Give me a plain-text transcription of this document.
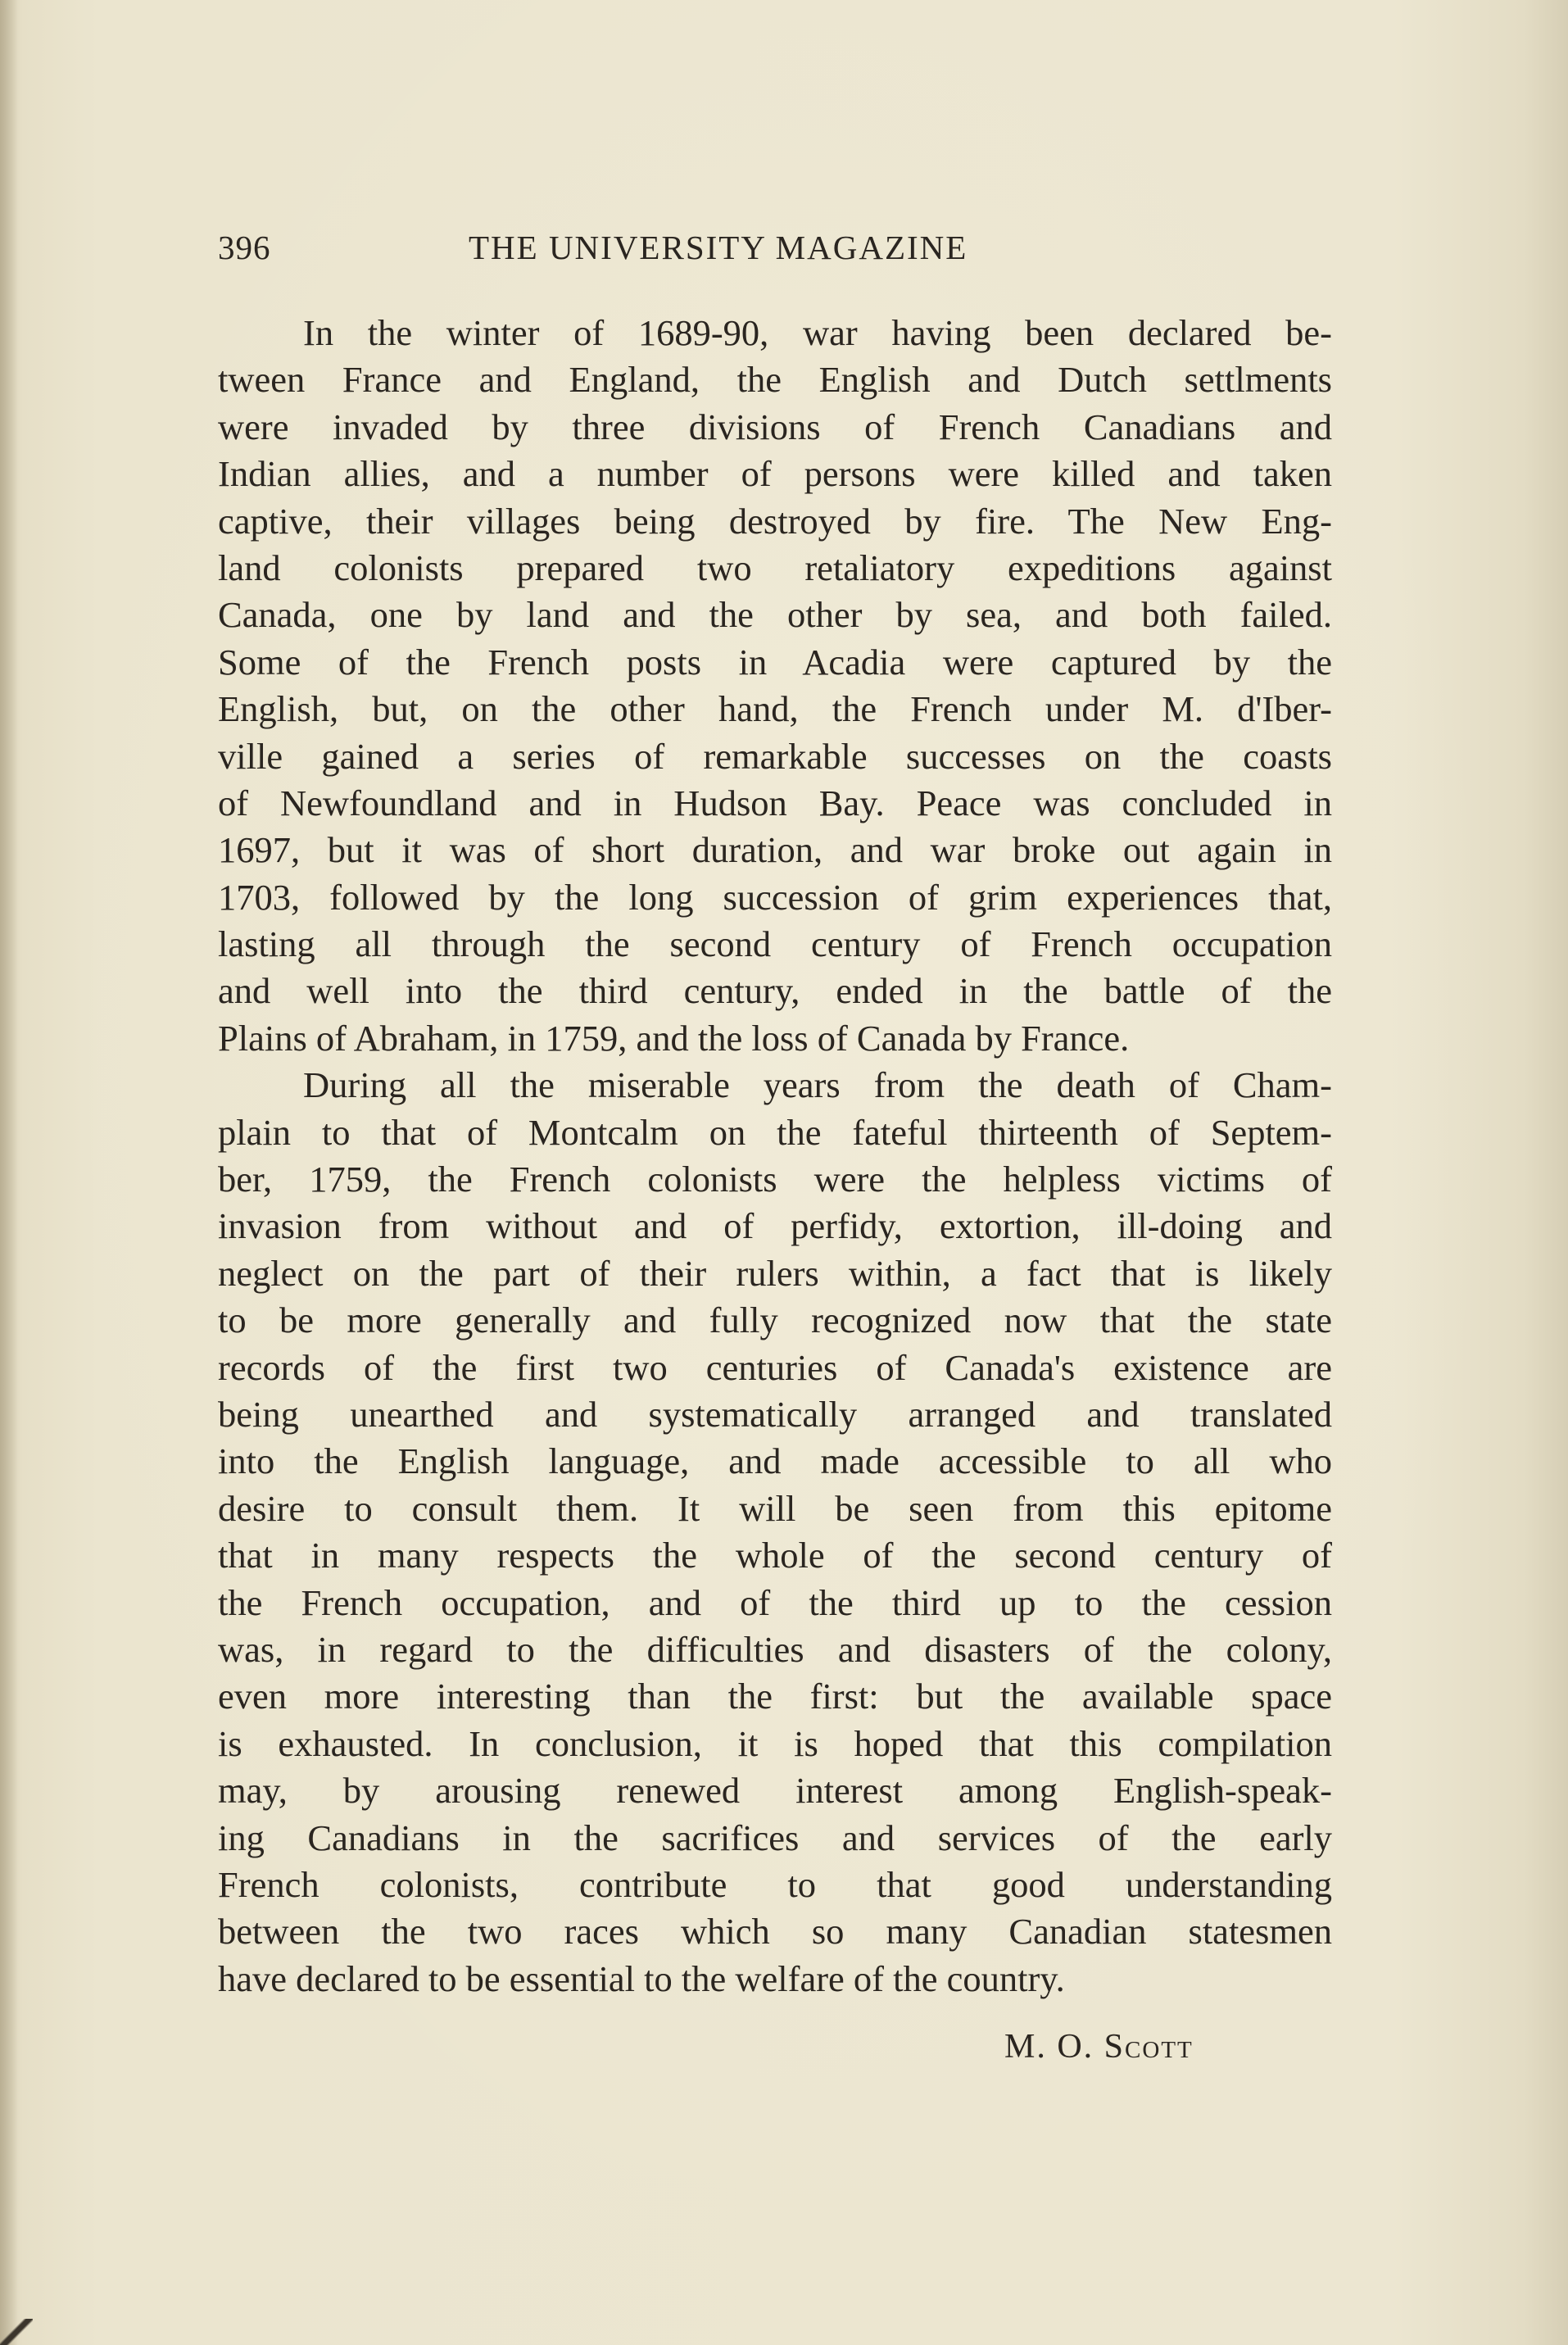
396	THE UNIVERSITY MAGAZINE
In the winter of 1689-90, war having been declared be-
tween France and England, the English and Dutch settlments
were invaded by three divisions of French Canadians and
Indian allies, and a number of persons were killed and taken
captive, their villages being destroyed by fire. The New Eng-
land colonists prepared two retaliatory expeditions against
Canada, one by land and the other by sea, and both failed.
Some of the French posts in Acadia were captured by the
English, but, on the other hand, the French under M. d'Iber-
ville gained a series of remarkable successes on the coasts
of Newfoundland and in Hudson Bay. Peace was concluded in
1697, but it was of short duration, and war broke out again in
1703, followed by the long succession of grim experiences that,
lasting all through the second century of French occupation
and well into the third century, ended in the battle of the
Plains of Abraham, in 1759, and the loss of Canada by France.
During all the miserable years from the death of Cham-
plain to that of Montcalm on the fateful thirteenth of Septem-
ber, 1759, the French colonists were the helpless victims of
invasion from without and of perfidy, extortion, ill-doing and
neglect on the part of their rulers within, a fact that is likely
to be more generally and fully recognized now that the state
records of the first two centuries of Canada's existence are
being unearthed and systematically arranged and translated
into the English language, and made accessible to all who
desire to consult them. It will be seen from this epitome
that in many respects the whole of the second century of
the French occupation, and of the third up to the cession
was, in regard to the difficulties and disasters of the colony,
even more interesting than the first: but the available space
is exhausted. In conclusion, it is hoped that this compilation
may, by arousing renewed interest among English-speak-
ing Canadians in the sacrifices and services of the early
French colonists, contribute to that good understanding
between the two races which so many Canadian statesmen
have declared to be essential to the welfare of the country.
M. O. Scott
